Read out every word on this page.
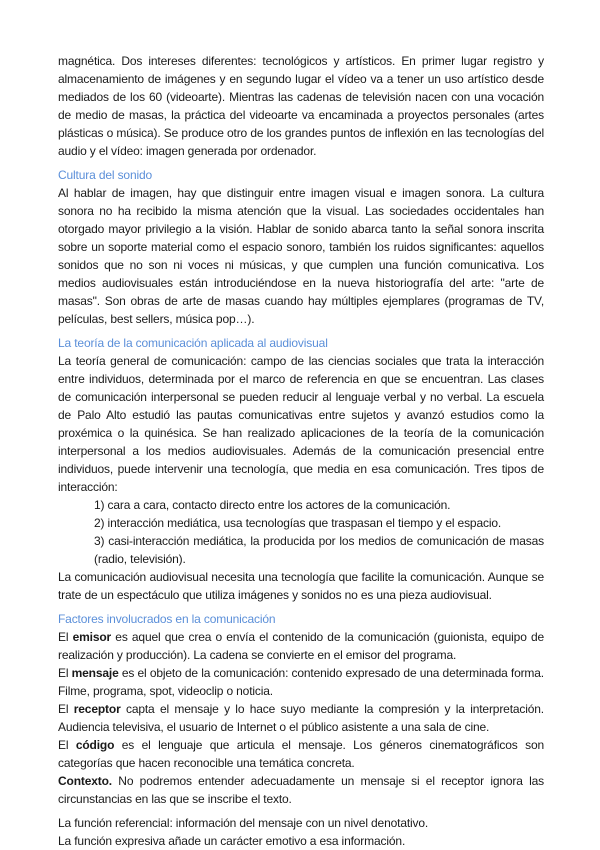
magnética. Dos intereses diferentes: tecnológicos y artísticos. En primer lugar registro y almacenamiento de imágenes y en segundo lugar el vídeo va a tener un uso artístico desde mediados de los 60 (videoarte). Mientras las cadenas de televisión nacen con una vocación de medio de masas, la práctica del videoarte va encaminada a proyectos personales (artes plásticas o música). Se produce otro de los grandes puntos de inflexión en las tecnologías del audio y el vídeo: imagen generada por ordenador.

Cultura del sonido

Al hablar de imagen, hay que distinguir entre imagen visual e imagen sonora. La cultura sonora no ha recibido la misma atención que la visual. Las sociedades occidentales han otorgado mayor privilegio a la visión. Hablar de sonido abarca tanto la señal sonora inscrita sobre un soporte material como el espacio sonoro, también los ruidos significantes: aquellos sonidos que no son ni voces ni músicas, y que cumplen una función comunicativa. Los medios audiovisuales están introduciéndose en la nueva historiografía del arte: "arte de masas". Son obras de arte de masas cuando hay múltiples ejemplares (programas de TV, películas, best sellers, música pop…).

La teoría de la comunicación aplicada al audiovisual

La teoría general de comunicación: campo de las ciencias sociales que trata la interacción entre individuos, determinada por el marco de referencia en que se encuentran. Las clases de comunicación interpersonal se pueden reducir al lenguaje verbal y no verbal. La escuela de Palo Alto estudió las pautas comunicativas entre sujetos y avanzó estudios como la proxémica o la quinésica. Se han realizado aplicaciones de la teoría de la comunicación interpersonal a los medios audiovisuales. Además de la comunicación presencial entre individuos, puede intervenir una tecnología, que media en esa comunicación. Tres tipos de interacción:

1) cara a cara, contacto directo entre los actores de la comunicación.
2) interacción mediática, usa tecnologías que traspasan el tiempo y el espacio.
3) casi-interacción mediática, la producida por los medios de comunicación de masas (radio, televisión).

La comunicación audiovisual necesita una tecnología que facilite la comunicación. Aunque se trate de un espectáculo que utiliza imágenes y sonidos no es una pieza audiovisual.

Factores involucrados en la comunicación

El emisor es aquel que crea o envía el contenido de la comunicación (guionista, equipo de realización y producción). La cadena se convierte en el emisor del programa.

El mensaje es el objeto de la comunicación: contenido expresado de una determinada forma. Filme, programa, spot, videoclip o noticia.

El receptor capta el mensaje y lo hace suyo mediante la compresión y la interpretación. Audiencia televisiva, el usuario de Internet o el público asistente a una sala de cine.

El código es el lenguaje que articula el mensaje. Los géneros cinematográficos son categorías que hacen reconocible una temática concreta.

Contexto. No podremos entender adecuadamente un mensaje si el receptor ignora las circunstancias en las que se inscribe el texto.

La función referencial: información del mensaje con un nivel denotativo.

La función expresiva añade un carácter emotivo a esa información.
